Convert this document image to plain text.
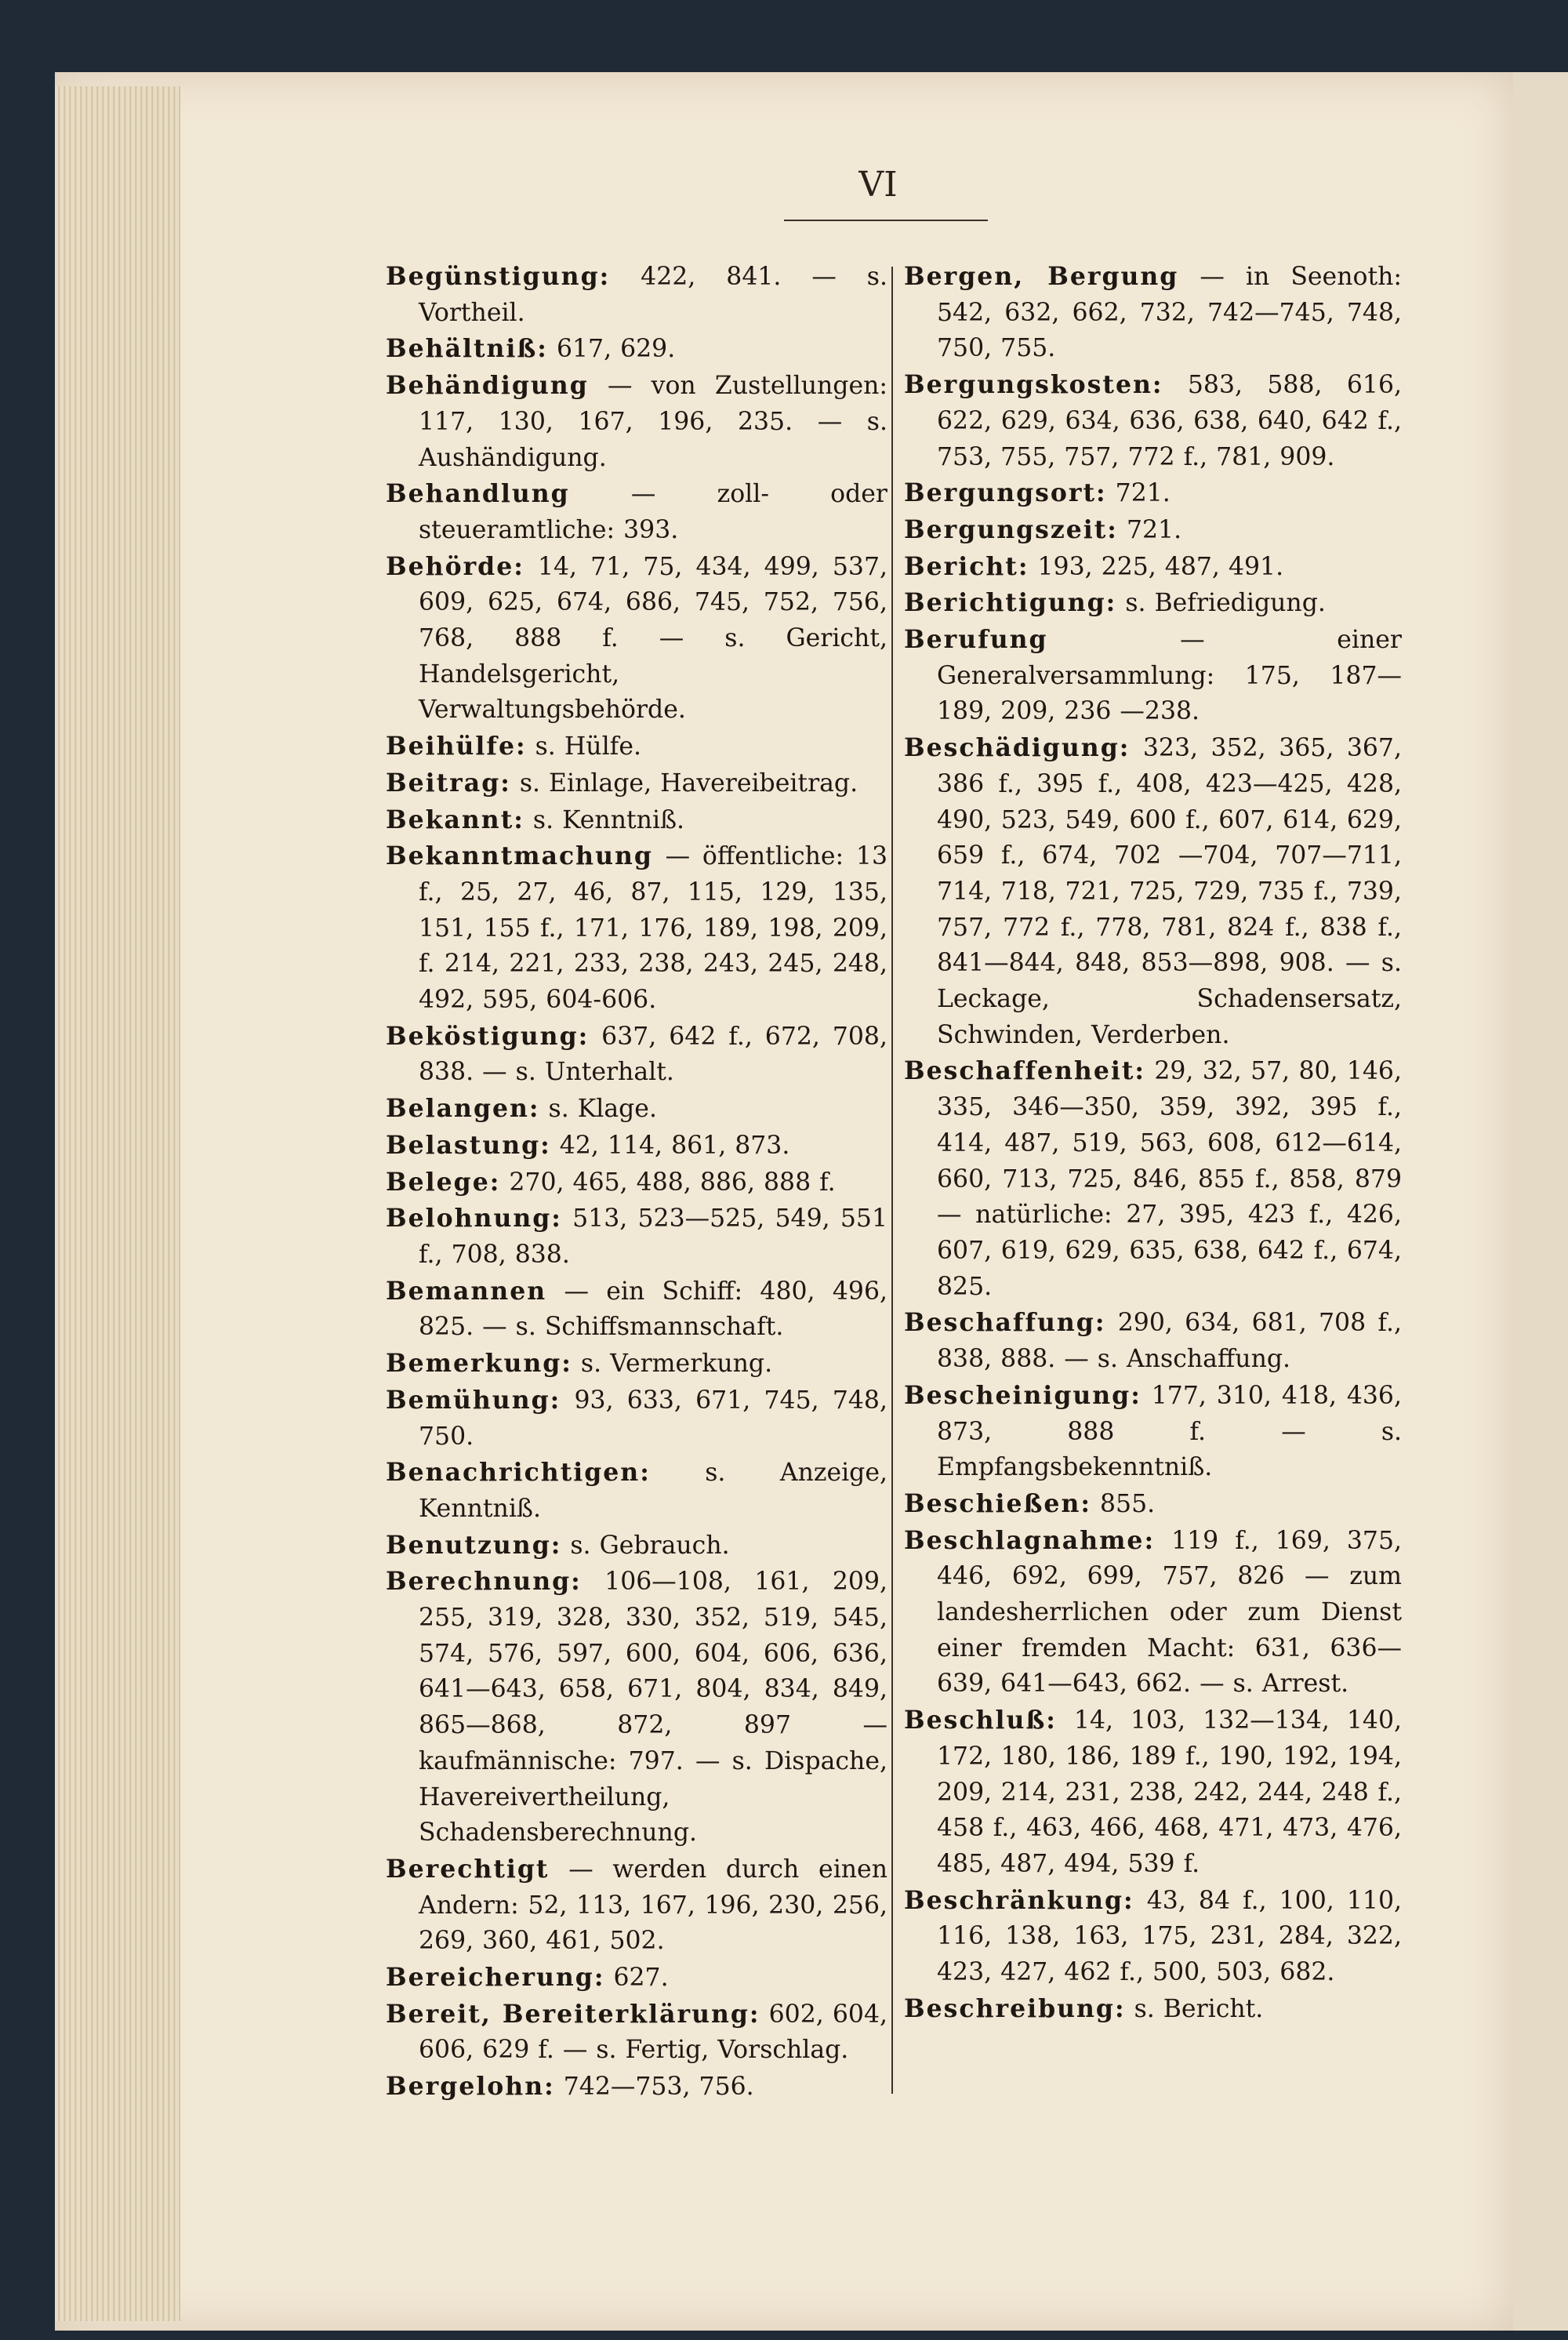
VI
Begünstigung: 422, 841. — s. Vortheil.
Behältniß: 617, 629.
Behändigung — von Zustellungen: 117, 130, 167, 196, 235. — s. Aushändigung.
Behandlung — zoll- oder steueramtliche: 393.
Behörde: 14, 71, 75, 434, 499, 537, 609, 625, 674, 686, 745, 752, 756, 768, 888 f. — s. Gericht, Handelsgericht, Verwaltungsbehörde.
Beihülfe: s. Hülfe.
Beitrag: s. Einlage, Havereibeitrag.
Bekannt: s. Kenntniß.
Bekanntmachung — öffentliche: 13 f., 25, 27, 46, 87, 115, 129, 135, 151, 155 f., 171, 176, 189, 198, 209, f. 214, 221, 233, 238, 243, 245, 248, 492, 595, 604-606.
Beköstigung: 637, 642 f., 672, 708, 838. — s. Unterhalt.
Belangen: s. Klage.
Belastung: 42, 114, 861, 873.
Belege: 270, 465, 488, 886, 888 f.
Belohnung: 513, 523—525, 549, 551 f., 708, 838.
Bemannen — ein Schiff: 480, 496, 825. — s. Schiffsmannschaft.
Bemerkung: s. Vermerkung.
Bemühung: 93, 633, 671, 745, 748, 750.
Benachrichtigen: s. Anzeige, Kenntniß.
Benutzung: s. Gebrauch.
Berechnung: 106—108, 161, 209, 255, 319, 328, 330, 352, 519, 545, 574, 576, 597, 600, 604, 606, 636, 641—643, 658, 671, 804, 834, 849, 865—868, 872, 897 — kaufmännische: 797. — s. Dispache, Havereivertheilung, Schadensberechnung.
Berechtigt — werden durch einen Andern: 52, 113, 167, 196, 230, 256, 269, 360, 461, 502.
Bereicherung: 627.
Bereit, Bereiterklärung: 602, 604, 606, 629 f. — s. Fertig, Vorschlag.
Bergelohn: 742—753, 756.
Bergen, Bergung — in Seenoth: 542, 632, 662, 732, 742—745, 748, 750, 755.
Bergungskosten: 583, 588, 616, 622, 629, 634, 636, 638, 640, 642 f., 753, 755, 757, 772 f., 781, 909.
Bergungsort: 721.
Bergungszeit: 721.
Bericht: 193, 225, 487, 491.
Berichtigung: s. Befriedigung.
Berufung — einer Generalversammlung: 175, 187—189, 209, 236 —238.
Beschädigung: 323, 352, 365, 367, 386 f., 395 f., 408, 423—425, 428, 490, 523, 549, 600 f., 607, 614, 629, 659 f., 674, 702 —704, 707—711, 714, 718, 721, 725, 729, 735 f., 739, 757, 772 f., 778, 781, 824 f., 838 f., 841—844, 848, 853—898, 908. — s. Leckage, Schadensersatz, Schwinden, Verderben.
Beschaffenheit: 29, 32, 57, 80, 146, 335, 346—350, 359, 392, 395 f., 414, 487, 519, 563, 608, 612—614, 660, 713, 725, 846, 855 f., 858, 879 — natürliche: 27, 395, 423 f., 426, 607, 619, 629, 635, 638, 642 f., 674, 825.
Beschaffung: 290, 634, 681, 708 f., 838, 888. — s. Anschaffung.
Bescheinigung: 177, 310, 418, 436, 873, 888 f. — s. Empfangsbekenntniß.
Beschießen: 855.
Beschlagnahme: 119 f., 169, 375, 446, 692, 699, 757, 826 — zum landesherrlichen oder zum Dienst einer fremden Macht: 631, 636—639, 641—643, 662. — s. Arrest.
Beschluß: 14, 103, 132—134, 140, 172, 180, 186, 189 f., 190, 192, 194, 209, 214, 231, 238, 242, 244, 248 f., 458 f., 463, 466, 468, 471, 473, 476, 485, 487, 494, 539 f.
Beschränkung: 43, 84 f., 100, 110, 116, 138, 163, 175, 231, 284, 322, 423, 427, 462 f., 500, 503, 682.
Beschreibung: s. Bericht.
